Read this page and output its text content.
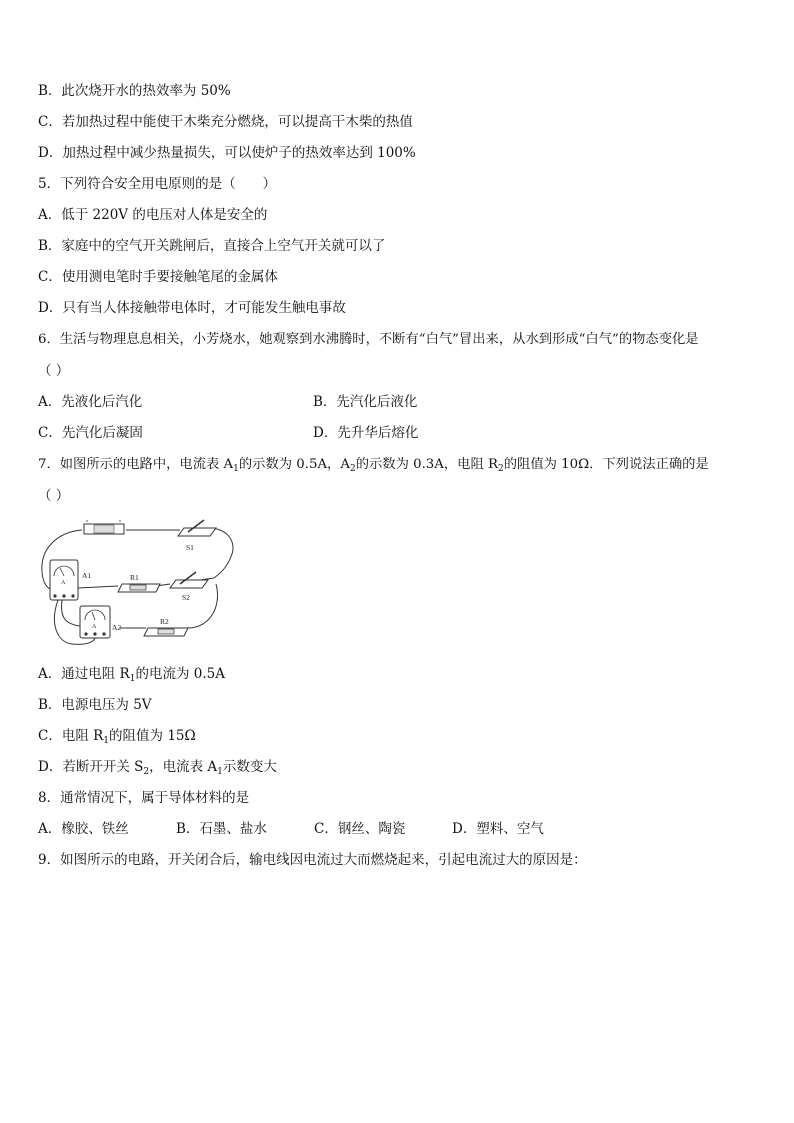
B．此次烧开水的热效率为 50%
C．若加热过程中能使干木柴充分燃烧，可以提高干木柴的热值
D．加热过程中减少热量损失，可以使炉子的热效率达到 100%
5．下列符合安全用电原则的是（　　）
A．低于 220V 的电压对人体是安全的
B．家庭中的空气开关跳闸后，直接合上空气开关就可以了
C．使用测电笔时手要接触笔尾的金属体
D．只有当人体接触带电体时，才可能发生触电事故
6．生活与物理息息相关，小芳烧水，她观察到水沸腾时，不断有“白气”冒出来，从水到形成“白气”的物态变化是
（ ）
A．先液化后汽化	B．先汽化后液化
C．先汽化后凝固	D．先升华后熔化
7．如图所示的电路中，电流表 $A_1$的示数为 0.5A，$A_2$的示数为 0.3A，电阻 $R_2$的阻值为 10Ω．下列说法正确的是
（ ）
S1
A
A1	R1
S2
A A2
R2
A．通过电阻 $R_1$的电流为 0.5A
B．电源电压为 5V
C．电阻 $R_1$的阻值为 15Ω
D．若断开开关 $S_2$，电流表 $A_1$示数变大
8．通常情况下，属于导体材料的是
A．橡胶、铁丝	B．石墨、盐水	C．钢丝、陶瓷	D．塑料、空气
9．如图所示的电路，开关闭合后，输电线因电流过大而燃烧起来，引起电流过大的原因是：
